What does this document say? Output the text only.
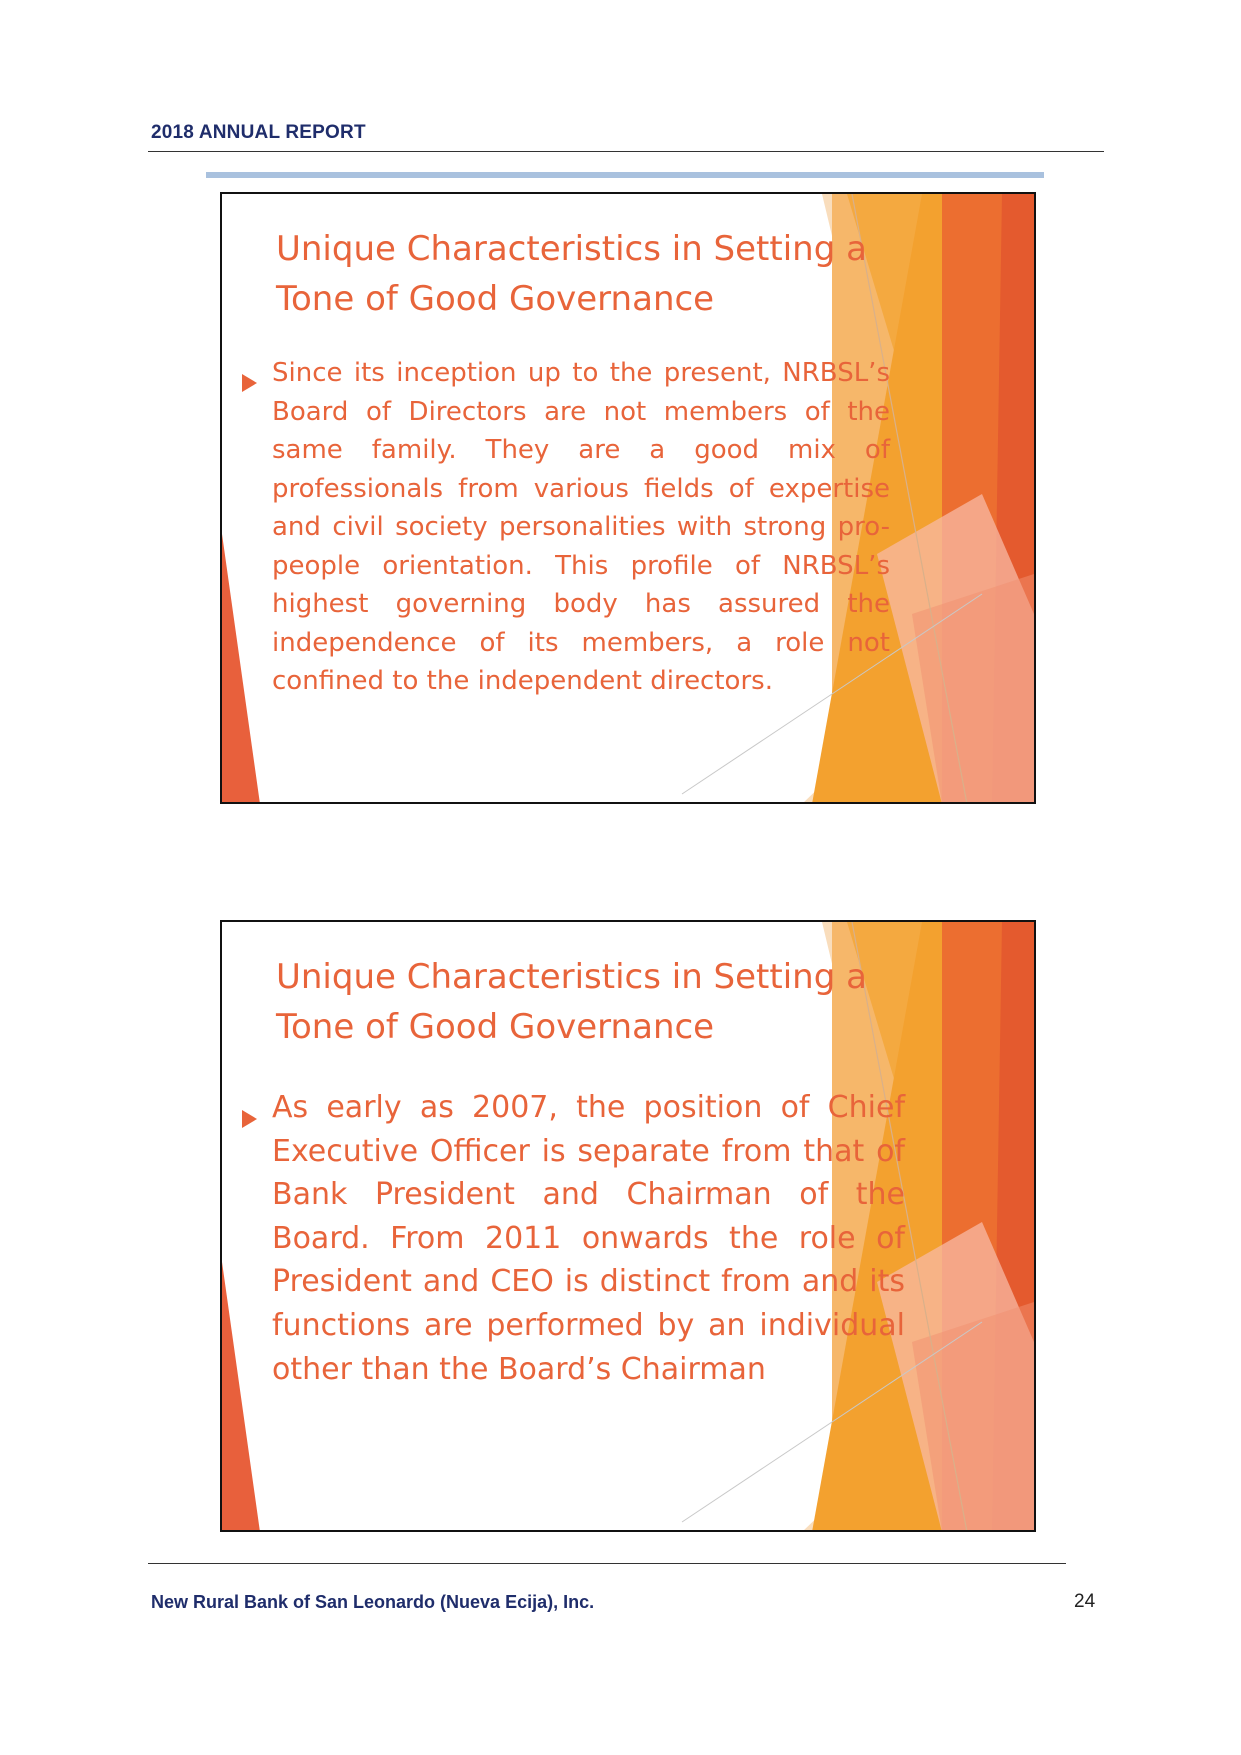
2018 ANNUAL REPORT
Unique Characteristics in Setting a Tone of Good Governance

Since its inception up to the present, NRBSL’s Board of Directors are not members of the same family. They are a good mix of professionals from various fields of expertise and civil society personalities with strong pro-people orientation. This profile of NRBSL’s highest governing body has assured the independence of its members, a role not confined to the independent directors.

Unique Characteristics in Setting a Tone of Good Governance

As early as 2007, the position of Chief Executive Officer is separate from that of Bank President and Chairman of the Board. From 2011 onwards the role of President and CEO is distinct from and its functions are performed by an individual other than the Board’s Chairman

New Rural Bank of San Leonardo (Nueva Ecija), Inc.	24
